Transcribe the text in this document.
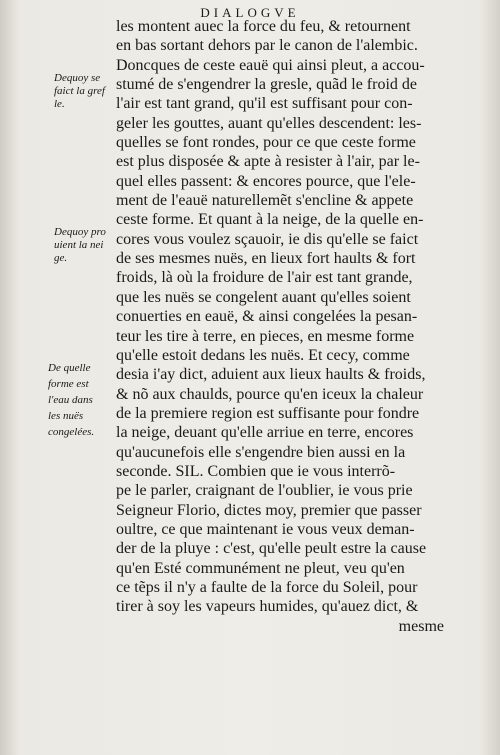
DIALOGVE
Dequoy se
faict la gref
le.
Dequoy pro
uient la nei
ge.
De quelle
forme est
l'eau dans
les nuës
congelées.
les montent auec la force du feu, & retournent
en bas sortant dehors par le canon de l'alembic.
Doncques de ceste eauë qui ainsi pleut, a accou-
stumé de s'engendrer la gresle, quãd le froid de
l'air est tant grand, qu'il est suffisant pour con-
geler les gouttes, auant qu'elles descendent: les-
quelles se font rondes, pour ce que ceste forme
est plus disposée & apte à resister à l'air, par le-
quel elles passent: & encores pource, que l'ele-
ment de l'eauë naturellemẽt s'encline & appete
ceste forme. Et quant à la neige, de la quelle en-
cores vous voulez sçauoir, ie dis qu'elle se faict
de ses mesmes nuës, en lieux fort haults & fort
froids, là où la froidure de l'air est tant grande,
que les nuës se congelent auant qu'elles soient
conuerties en eauë, & ainsi congelées la pesan-
teur les tire à terre, en pieces, en mesme forme
qu'elle estoit dedans les nuës. Et cecy, comme
desia i'ay dict, aduient aux lieux haults & froids,
& nõ aux chaulds, pource qu'en iceux la chaleur
de la premiere region est suffisante pour fondre
la neige, deuant qu'elle arriue en terre, encores
qu'aucunefois elle s'engendre bien aussi en la
seconde. SIL. Combien que ie vous interrõ-
pe le parler, craignant de l'oublier, ie vous prie
Seigneur Florio, dictes moy, premier que passer
oultre, ce que maintenant ie vous veux deman-
der de la pluye : c'est, qu'elle peult estre la cause
qu'en Esté communément ne pleut, veu qu'en
ce tẽps il n'y a faulte de la force du Soleil, pour
tirer à soy les vapeurs humides, qu'auez dict, &
mesme
